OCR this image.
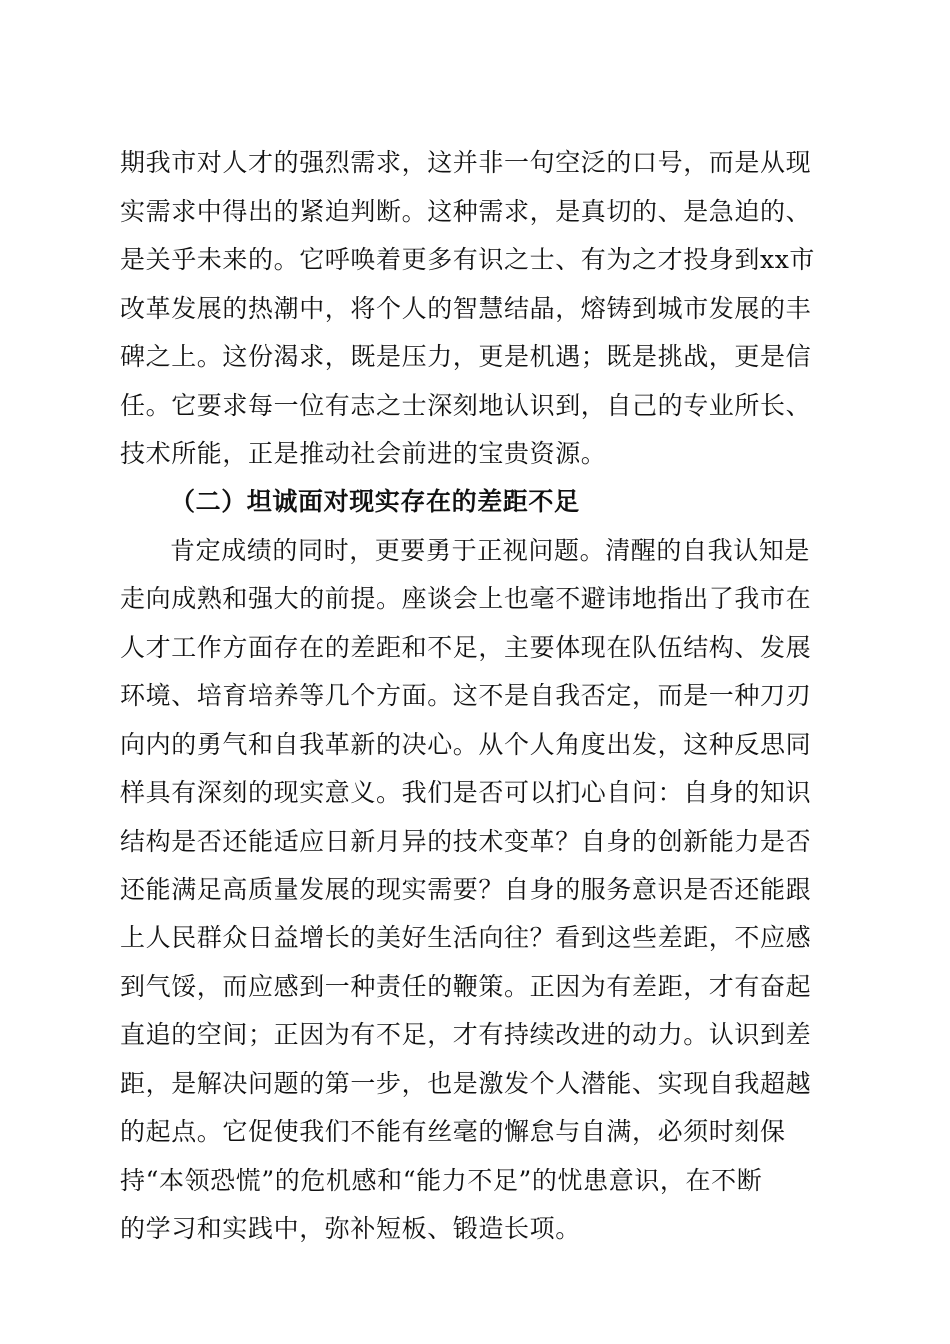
期我市对人才的强烈需求，这并非一句空泛的口号，而是从现
实需求中得出的紧迫判断。这种需求，是真切的、是急迫的、
是关乎未来的。它呼唤着更多有识之士、有为之才投身到xx市
改革发展的热潮中，将个人的智慧结晶，熔铸到城市发展的丰
碑之上。这份渴求，既是压力，更是机遇；既是挑战，更是信
任。它要求每一位有志之士深刻地认识到，自己的专业所长、
技术所能，正是推动社会前进的宝贵资源。
（二）坦诚面对现实存在的差距不足
肯定成绩的同时，更要勇于正视问题。清醒的自我认知是
走向成熟和强大的前提。座谈会上也毫不避讳地指出了我市在
人才工作方面存在的差距和不足，主要体现在队伍结构、发展
环境、培育培养等几个方面。这不是自我否定，而是一种刀刃
向内的勇气和自我革新的决心。从个人角度出发，这种反思同
样具有深刻的现实意义。我们是否可以扪心自问：自身的知识
结构是否还能适应日新月异的技术变革？自身的创新能力是否
还能满足高质量发展的现实需要？自身的服务意识是否还能跟
上人民群众日益增长的美好生活向往？看到这些差距，不应感
到气馁，而应感到一种责任的鞭策。正因为有差距，才有奋起
直追的空间；正因为有不足，才有持续改进的动力。认识到差
距，是解决问题的第一步，也是激发个人潜能、实现自我超越
的起点。它促使我们不能有丝毫的懈怠与自满，必须时刻保
持“本领恐慌”的危机感和“能力不足”的忧患意识，在不断
的学习和实践中，弥补短板、锻造长项。
